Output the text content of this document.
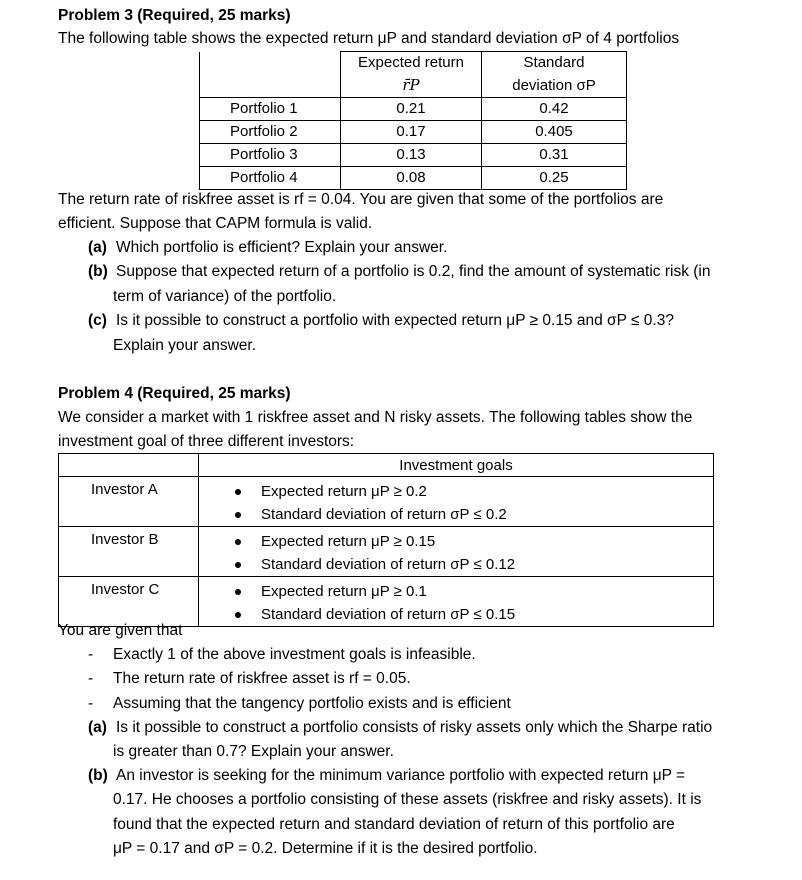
Problem 3 (Required, 25 marks)
The following table shows the expected return μP and standard deviation σP of 4 portfolios
	Expected return	Standard
	r̄P	deviation σP
Portfolio 1	0.21	0.42
Portfolio 2	0.17	0.405
Portfolio 3	0.13	0.31
Portfolio 4	0.08	0.25
The return rate of riskfree asset is rf = 0.04. You are given that some of the portfolios are
efficient. Suppose that CAPM formula is valid.
(a) Which portfolio is efficient? Explain your answer.
(b) Suppose that expected return of a portfolio is 0.2, find the amount of systematic risk (in
term of variance) of the portfolio.
(c) Is it possible to construct a portfolio with expected return μP ≥ 0.15 and σP ≤ 0.3?
Explain your answer.
Problem 4 (Required, 25 marks)
We consider a market with 1 riskfree asset and N risky assets. The following tables show the
investment goal of three different investors:
	Investment goals
Investor A	Expected return μP ≥ 0.2
Standard deviation of return σP ≤ 0.2

Investor B	Expected return μP ≥ 0.15
Standard deviation of return σP ≤ 0.12

Investor C	Expected return μP ≥ 0.1
Standard deviation of return σP ≤ 0.15
You are given that
- Exactly 1 of the above investment goals is infeasible.
- The return rate of riskfree asset is rf = 0.05.
- Assuming that the tangency portfolio exists and is efficient
(a) Is it possible to construct a portfolio consists of risky assets only which the Sharpe ratio
is greater than 0.7? Explain your answer.
(b) An investor is seeking for the minimum variance portfolio with expected return μP =
0.17. He chooses a portfolio consisting of these assets (riskfree and risky assets). It is
found that the expected return and standard deviation of return of this portfolio are
μP = 0.17 and σP = 0.2. Determine if it is the desired portfolio.
